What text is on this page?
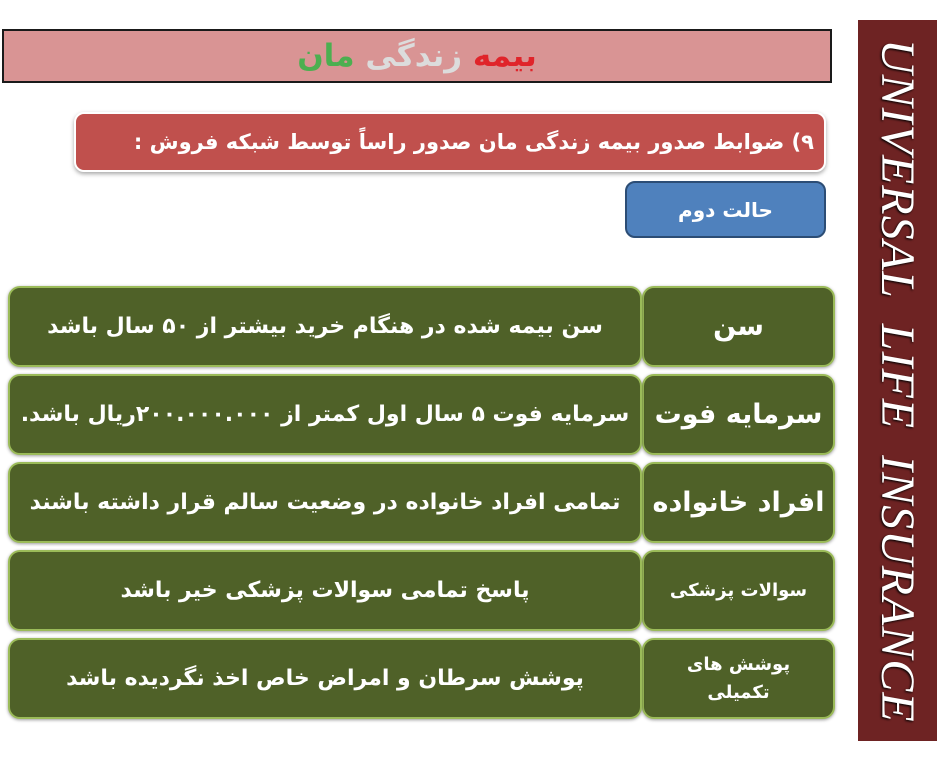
بیمه

زندگی

مان	UNIVERSAL  LIFE  INSURANCE
۹) ضوابط صدور بیمه زندگی مان صدور راساً توسط شبکه فروش :
حالت دوم
سن
سن بیمه شده در هنگام خرید بیشتر از ۵۰ سال باشد
سرمایه فوت
سرمایه فوت ۵ سال اول کمتر از ۲۰۰.۰۰۰.۰۰۰ریال باشد.
افراد خانواده
تمامی افراد خانواده در وضعیت سالم قرار داشته باشند
سوالات پزشکی
پاسخ تمامی سوالات پزشکی خیر باشد
پوشش های تکمیلی
پوشش سرطان و امراض خاص اخذ نگردیده باشد
